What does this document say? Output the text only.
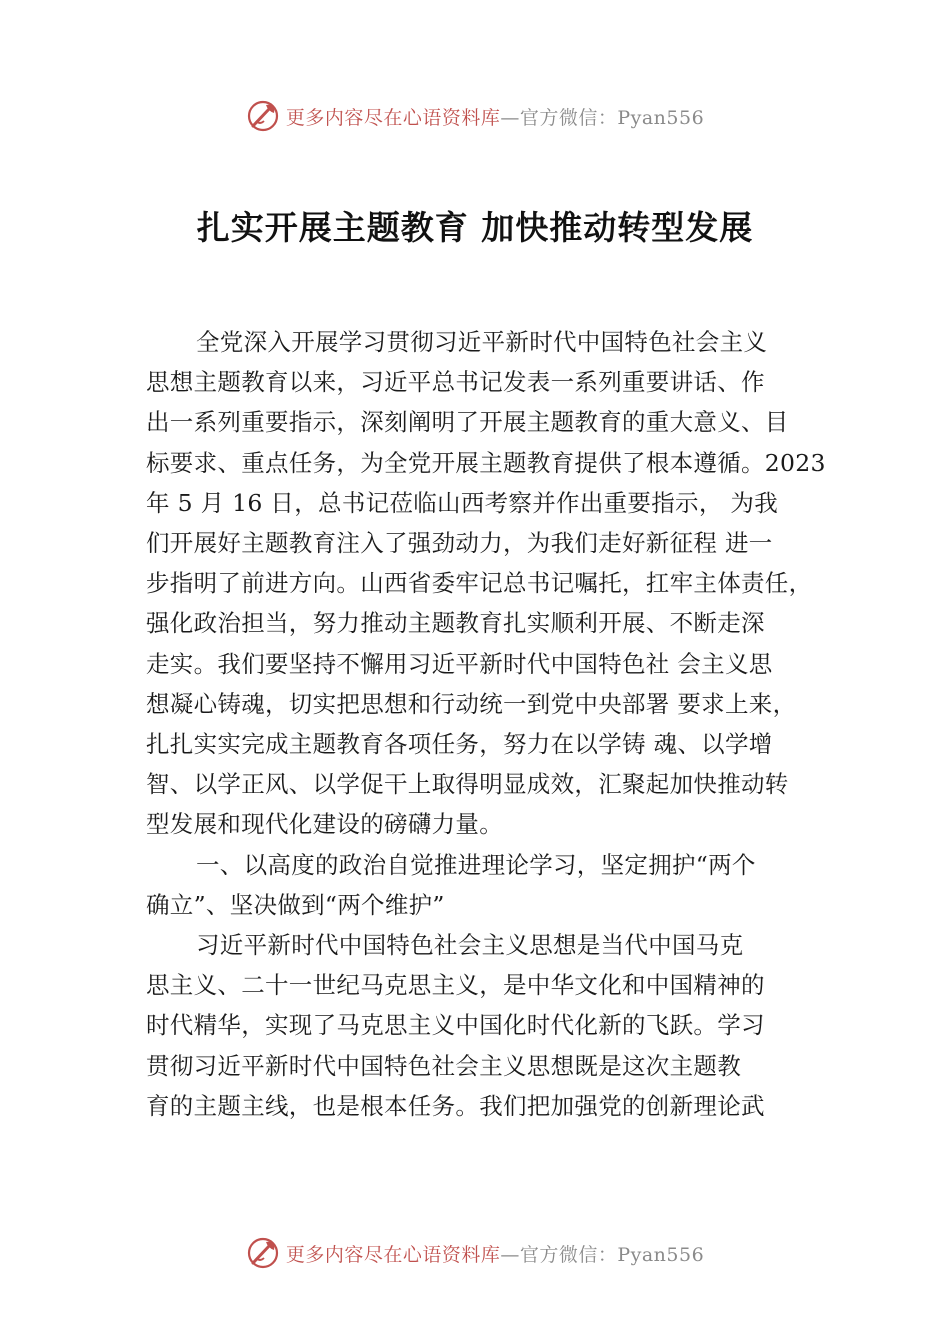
更多内容尽在心语资料库—官方微信：Pyan556
扎实开展主题教育 加快推动转型发展
全党深入开展学习贯彻习近平新时代中国特色社会主义
思想主题教育以来，习近平总书记发表一系列重要讲话、作
出一系列重要指示，深刻阐明了开展主题教育的重大意义、目
标要求、重点任务，为全党开展主题教育提供了根本遵循。2023
年 5 月 16 日，总书记莅临山西考察并作出重要指示， 为我
们开展好主题教育注入了强劲动力，为我们走好新征程 进一
步指明了前进方向。山西省委牢记总书记嘱托，扛牢主体责任，
强化政治担当，努力推动主题教育扎实顺利开展、不断走深
走实。我们要坚持不懈用习近平新时代中国特色社 会主义思
想凝心铸魂，切实把思想和行动统一到党中央部署 要求上来，
扎扎实实完成主题教育各项任务，努力在以学铸 魂、以学增
智、以学正风、以学促干上取得明显成效，汇聚起加快推动转
型发展和现代化建设的磅礴力量。
一、以高度的政治自觉推进理论学习，坚定拥护“两个
确立”、坚决做到“两个维护”
习近平新时代中国特色社会主义思想是当代中国马克
思主义、二十一世纪马克思主义，是中华文化和中国精神的
时代精华，实现了马克思主义中国化时代化新的飞跃。学习
贯彻习近平新时代中国特色社会主义思想既是这次主题教
育的主题主线，也是根本任务。我们把加强党的创新理论武
更多内容尽在心语资料库—官方微信：Pyan556
